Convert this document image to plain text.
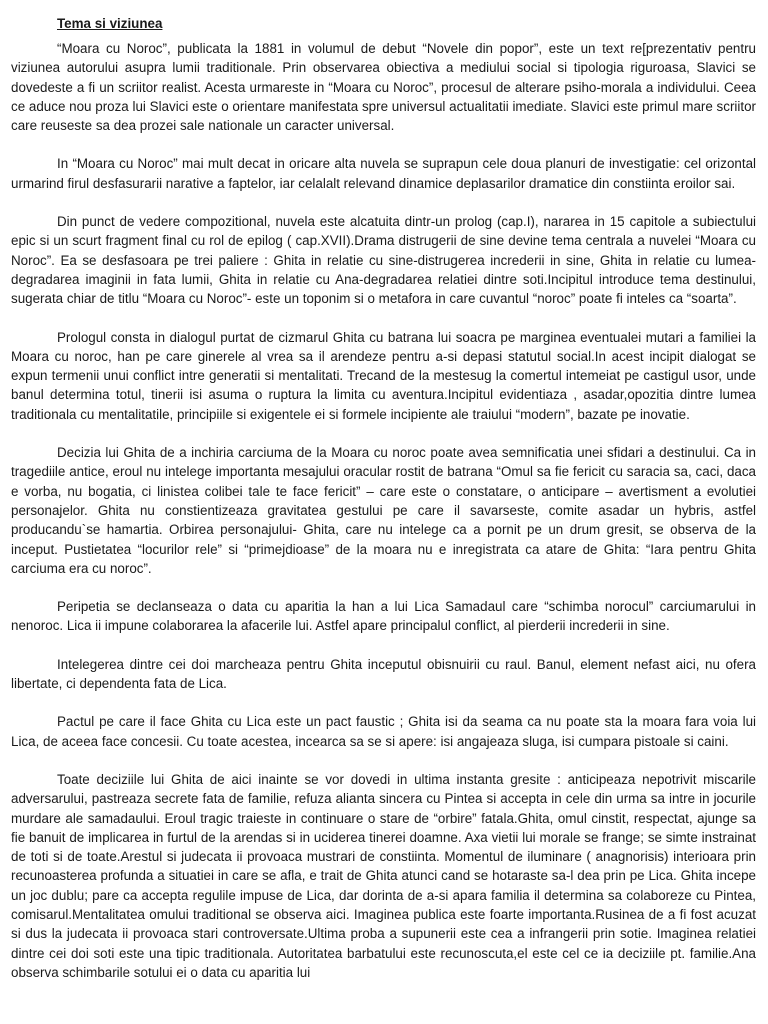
Tema si viziunea

“Moara cu Noroc”, publicata la 1881 in volumul de debut “Novele din popor”, este un text re[prezentativ pentru viziunea autorului asupra lumii traditionale. Prin observarea obiectiva a mediului social si tipologia riguroasa, Slavici se dovedeste a fi un scriitor realist. Acesta urmareste in “Moara cu Noroc”, procesul de alterare psiho-morala a individului. Ceea ce aduce nou proza lui Slavici este o orientare manifestata spre universul actualitatii imediate. Slavici este primul mare scriitor care reuseste sa dea prozei sale nationale un caracter universal.

In “Moara cu Noroc” mai mult decat in oricare alta nuvela se suprapun cele doua planuri de investigatie: cel orizontal urmarind firul desfasurarii narative a faptelor, iar celalalt relevand dinamice deplasarilor dramatice din constiinta eroilor sai.

Din punct de vedere compozitional, nuvela este alcatuita dintr-un prolog (cap.I), nararea in 15 capitole a subiectului epic si un scurt fragment final cu rol de epilog ( cap.XVII).Drama distrugerii de sine devine tema centrala a nuvelei “Moara cu Noroc”. Ea se desfasoara pe trei paliere : Ghita in relatie cu sine-distrugerea increderii in sine, Ghita in relatie cu lumea-degradarea imaginii in fata lumii, Ghita in relatie cu Ana-degradarea relatiei dintre soti.Incipitul introduce tema destinului, sugerata chiar de titlu “Moara cu Noroc”- este un toponim si o metafora in care cuvantul “noroc” poate fi inteles ca “soarta”.

Prologul consta in dialogul purtat de cizmarul Ghita cu batrana lui soacra pe marginea eventualei mutari a familiei la Moara cu noroc, han pe care ginerele al vrea sa il arendeze pentru a-si depasi statutul social.In acest incipit dialogat se expun termenii unui conflict intre generatii si mentalitati. Trecand de la mestesug la comertul intemeiat pe castigul usor, unde banul determina totul, tinerii isi asuma o ruptura la limita cu aventura.Incipitul evidentiaza , asadar,opozitia dintre lumea traditionala cu mentalitatile, principiile si exigentele ei si formele incipiente ale traiului “modern”, bazate pe inovatie.

Decizia lui Ghita de a inchiria carciuma de la Moara cu noroc poate avea semnificatia unei sfidari a destinului. Ca in tragediile antice, eroul nu intelege importanta mesajului oracular rostit de batrana “Omul sa fie fericit cu saracia sa, caci, daca e vorba, nu bogatia, ci linistea colibei tale te face fericit” – care este o constatare, o anticipare – avertisment a evolutiei personajelor. Ghita nu constientizeaza gravitatea gestului pe care il savarseste, comite asadar un hybris, astfel producandu`se hamartia. Orbirea personajului- Ghita, care nu intelege ca a pornit pe un drum gresit, se observa de la inceput. Pustietatea “locurilor rele” si “primejdioase” de la moara nu e inregistrata ca atare de Ghita: “Iara pentru Ghita carciuma era cu noroc”.

Peripetia se declanseaza o data cu aparitia la han a lui Lica Samadaul care “schimba norocul” carciumarului in nenoroc. Lica ii impune colaborarea la afacerile lui. Astfel apare principalul conflict, al pierderii increderii in sine.

Intelegerea dintre cei doi marcheaza pentru Ghita inceputul obisnuirii cu raul. Banul, element nefast aici, nu ofera libertate, ci dependenta fata de Lica.

Pactul pe care il face Ghita cu Lica este un pact faustic ; Ghita isi da seama ca nu poate sta la moara fara voia lui Lica, de aceea face concesii. Cu toate acestea, incearca sa se si apere: isi angajeaza sluga, isi cumpara pistoale si caini.

Toate deciziile lui Ghita de aici inainte se vor dovedi in ultima instanta gresite : anticipeaza nepotrivit miscarile adversarului, pastreaza secrete fata de familie, refuza alianta sincera cu Pintea si accepta in cele din urma sa intre in jocurile murdare ale samadaului. Eroul tragic traieste in continuare o stare de “orbire” fatala.Ghita, omul cinstit, respectat, ajunge sa fie banuit de implicarea in furtul de la arendas si in uciderea tinerei doamne. Axa vietii lui morale se frange; se simte instrainat de toti si de toate.Arestul si judecata ii provoaca mustrari de constiinta. Momentul de iluminare ( anagnorisis) interioara prin recunoasterea profunda a situatiei in care se afla, e trait de Ghita atunci cand se hotaraste sa-l dea prin pe Lica. Ghita incepe un joc dublu; pare ca accepta regulile impuse de Lica, dar dorinta de a-si apara familia il determina sa colaboreze cu Pintea, comisarul.Mentalitatea omului traditional se observa aici. Imaginea publica este foarte importanta.Rusinea de a fi fost acuzat si dus la judecata ii provoaca stari controversate.Ultima proba a supunerii este cea a infrangerii prin sotie. Imaginea relatiei dintre cei doi soti este una tipic traditionala. Autoritatea barbatului este recunoscuta,el este cel ce ia deciziile pt. familie.Ana observa schimbarile sotului ei o data cu aparitia lui
